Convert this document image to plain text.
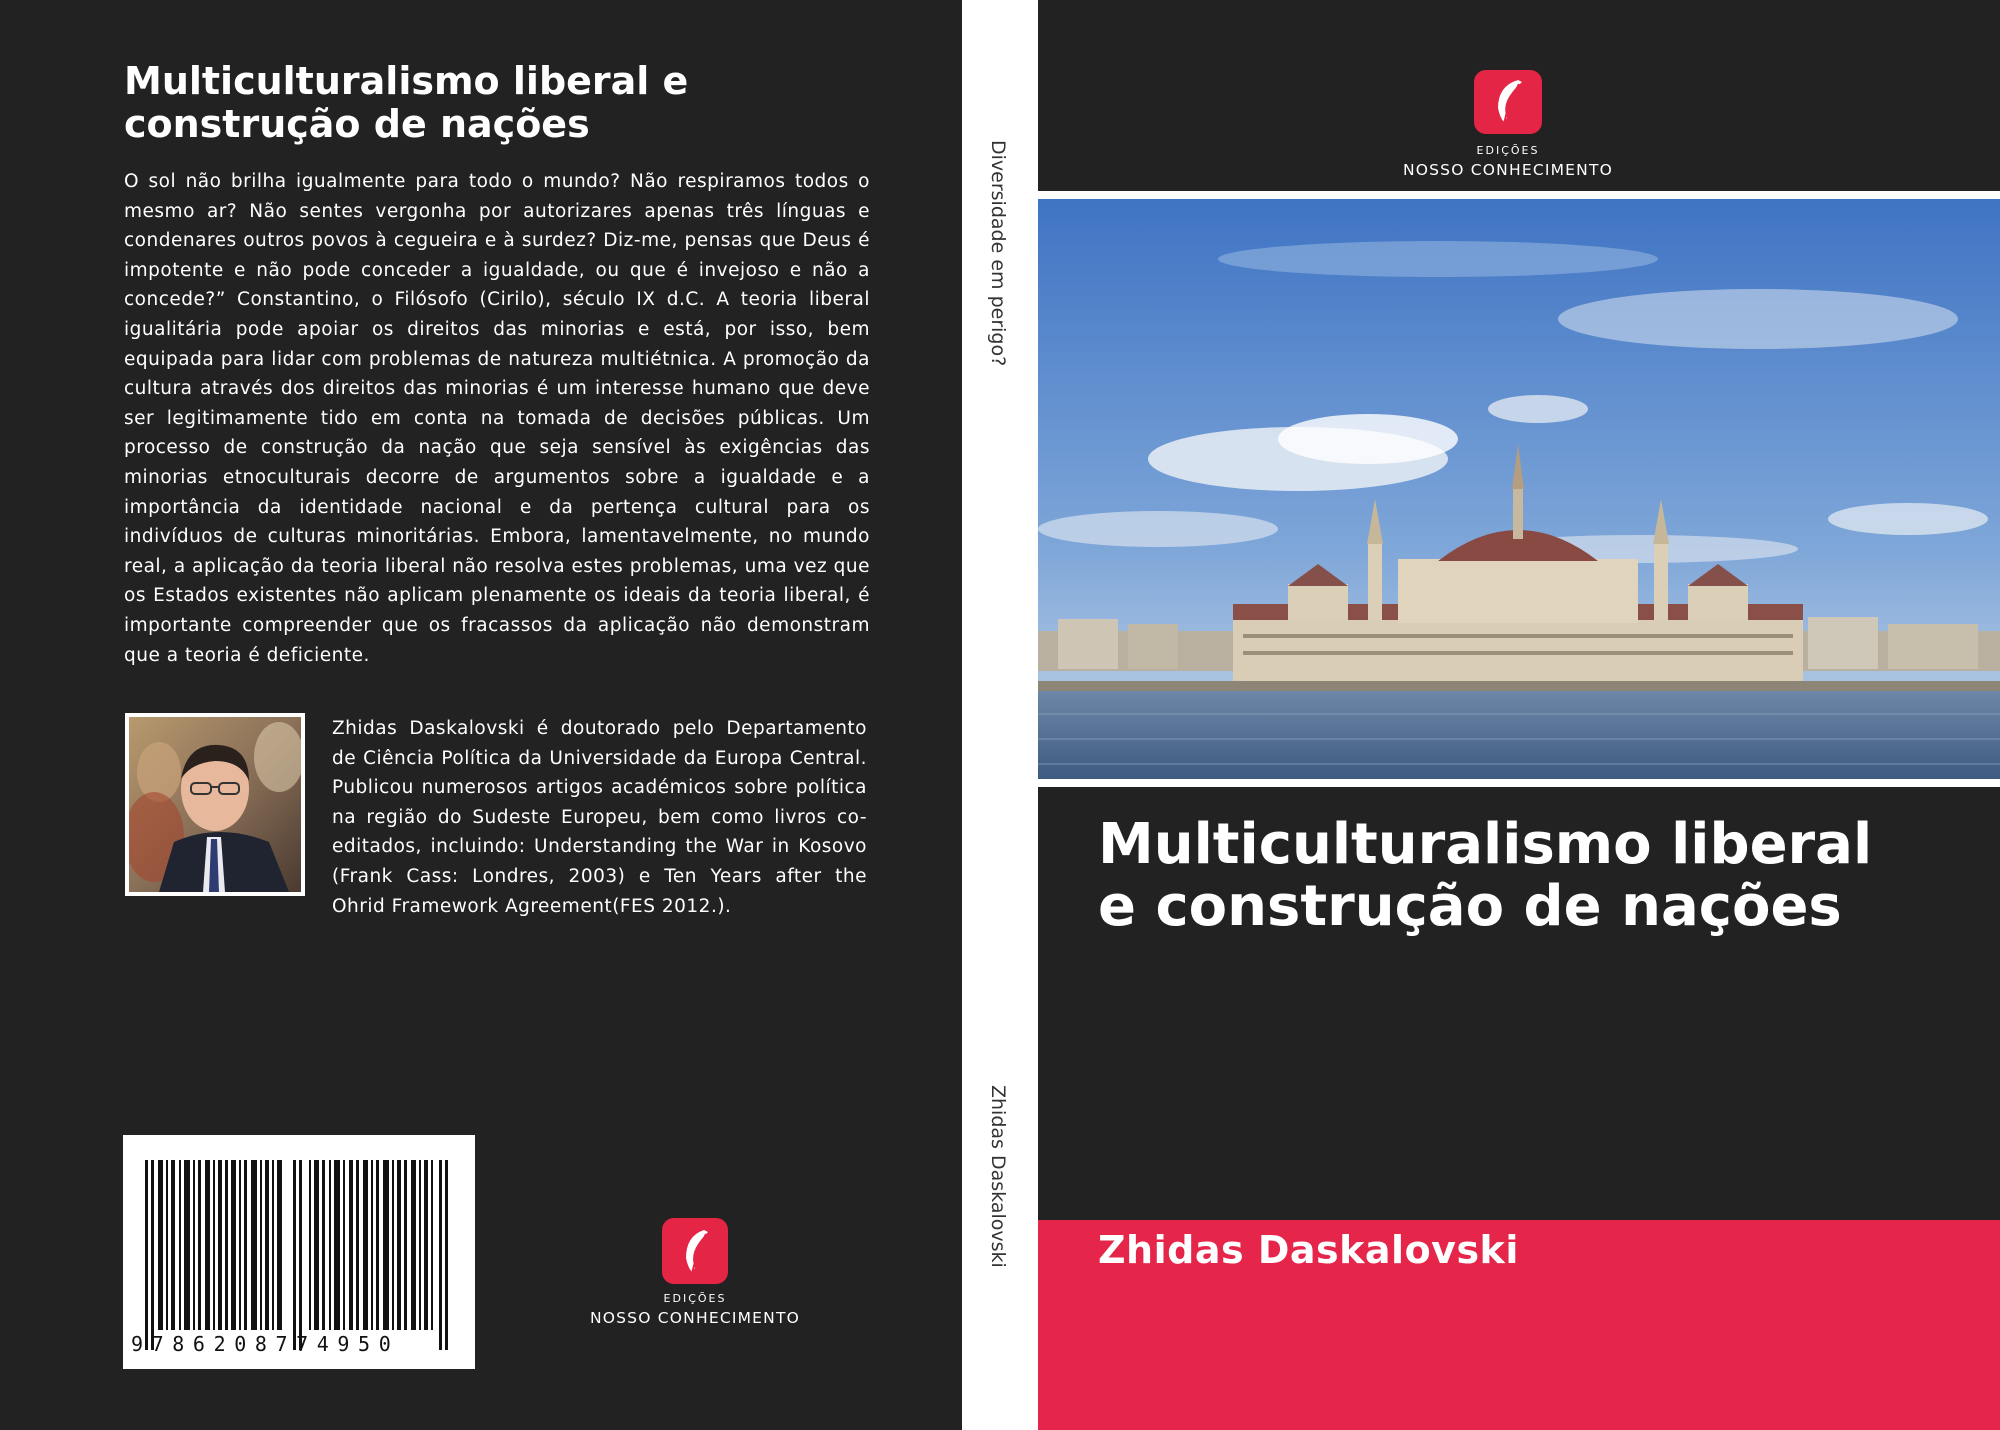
Multiculturalismo liberal e
construção de nações

O sol não brilha igualmente para todo o mundo? Não respiramos todos o mesmo ar? Não sentes vergonha por autorizares apenas três línguas e condenares outros povos à cegueira e à surdez? Diz-me, pensas que Deus é impotente e não pode conceder a igualdade, ou que é invejoso e não a concede?” Constantino, o Filósofo (Cirilo), século IX d.C. A teoria liberal igualitária pode apoiar os direitos das minorias e está, por isso, bem equipada para lidar com problemas de natureza multiétnica. A promoção da cultura através dos direitos das minorias é um interesse humano que deve ser legitimamente tido em conta na tomada de decisões públicas. Um processo de construção da nação que seja sensível às exigências das minorias etnoculturais decorre de argumentos sobre a igualdade e a importância da identidade nacional e da pertença cultural para os indivíduos de culturas minoritárias. Embora, lamentavelmente, no mundo real, a aplicação da teoria liberal não resolva estes problemas, uma vez que os Estados existentes não aplicam plenamente os ideais da teoria liberal, é importante compreender que os fracassos da aplicação não demonstram que a teoria é deficiente.

Zhidas Daskalovski é doutorado pelo Departamento de Ciência Política da Universidade da Europa Central. Publicou numerosos artigos académicos sobre política na região do Sudeste Europeu, bem como livros co-editados, incluindo: Understanding the War in Kosovo (Frank Cass: Londres, 2003) e Ten Years after the Ohrid Framework Agreement(FES 2012.).

9786208774950
EDIÇÕES
NOSSO CONHECIMENTO
Diversidade em perigo?
Zhidas Daskalovski
EDIÇÕES
NOSSO CONHECIMENTO
Multiculturalismo liberal
e construção de nações
Zhidas Daskalovski
